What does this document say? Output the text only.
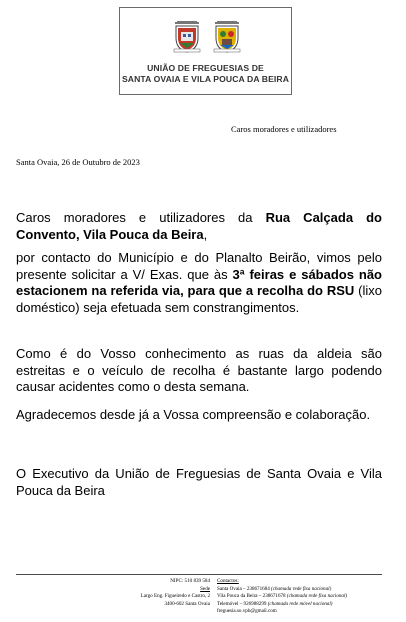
UNIÃO DE FREGUESIAS DE
SANTA OVAIA E VILA POUCA DA BEIRA
Caros moradores e utilizadores
Santa Ovaia, 26 de Outubro de 2023

Caros moradores e utilizadores da Rua Calçada do Convento, Vila Pouca da Beira,

por contacto do Município e do Planalto Beirão, vimos pelo presente solicitar a V/ Exas. que às 3ª feiras e sábados não estacionem na referida via, para que a recolha do RSU (lixo doméstico) seja efetuada sem constrangimentos.

Como é do Vosso conhecimento as ruas da aldeia são estreitas e o veículo de recolha é bastante largo podendo causar acidentes como o desta semana.

Agradecemos desde já a Vossa compreensão e colaboração.

O Executivo da União de Freguesias de Santa Ovaia e Vila Pouca da Beira

NIPC: 510 839 584
Sede
Largo Eng. Figueiredo e Castro, 2
3400-602 Santa Ovaia
Contactos:
Santa Ovaia – 238671684 (chamada rede fixa nacional)
Vila Pouca da Beira – 238671678 (chamada rede fixa nacional)
Telemóvel – 926988299 (chamada rede móvel nacional)
freguesia.so.vpb@gmail.com
